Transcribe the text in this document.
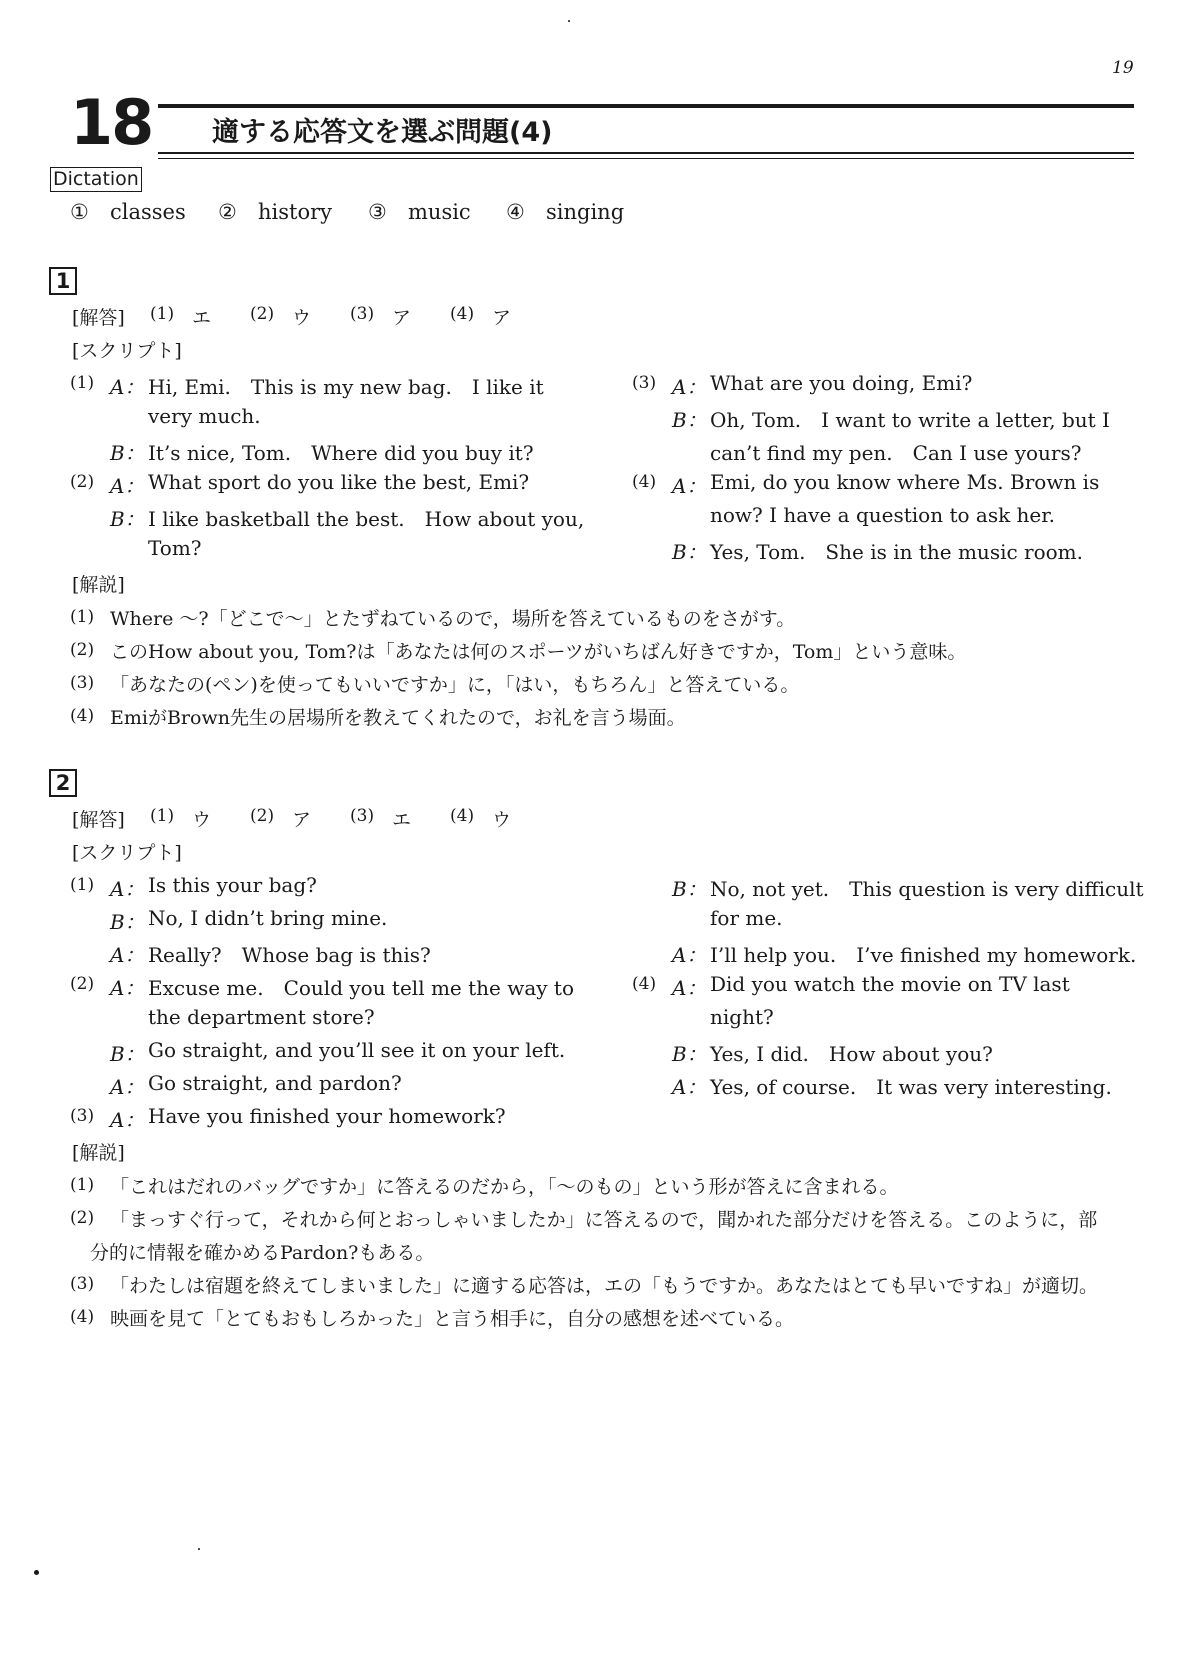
19
18 適する応答文を選ぶ問題(4)
Dictation
① classes ② history ③ music ④ singing
1
[解答] (1) エ (2) ウ (3) ア (4) ア
[スクリプト]
(1) A： Hi, Emi.　This is my new bag.　I like it
very much.
B： It’s nice, Tom.　Where did you buy it?
(2) A： What sport do you like the best, Emi?
B： I like basketball the best.　How about you,
Tom?
(3) A： What are you doing, Emi?
B： Oh, Tom.　I want to write a letter, but I
can’t find my pen.　Can I use yours?
(4) A： Emi, do you know where Ms. Brown is
now? I have a question to ask her.
B： Yes, Tom.　She is in the music room.
[解説]
(1) Where ～?「どこで～」とたずねているので，場所を答えているものをさがす。
(2) このHow about you, Tom?は「あなたは何のスポーツがいちばん好きですか，Tom」という意味。
(3) 「あなたの(ペン)を使ってもいいですか」に，「はい，もちろん」と答えている。
(4) EmiがBrown先生の居場所を教えてくれたので，お礼を言う場面。
2
[解答] (1) ウ (2) ア (3) エ (4) ウ
[スクリプト]
(1) A： Is this your bag?
B： No, I didn’t bring mine.
A： Really?　Whose bag is this?
(2) A： Excuse me.　Could you tell me the way to
the department store?
B： Go straight, and you’ll see it on your left.
A： Go straight, and pardon?
(3) A： Have you finished your homework?
B： No, not yet.　This question is very difficult
for me.
A： I’ll help you.　I’ve finished my homework.
(4) A： Did you watch the movie on TV last
night?
B： Yes, I did.　How about you?
A： Yes, of course.　It was very interesting.
[解説]
(1) 「これはだれのバッグですか」に答えるのだから，「～のもの」という形が答えに含まれる。
(2) 「まっすぐ行って，それから何とおっしゃいましたか」に答えるので，聞かれた部分だけを答える。このように，部
分的に情報を確かめるPardon?もある。
(3) 「わたしは宿題を終えてしまいました」に適する応答は，エの「もうですか。あなたはとても早いですね」が適切。
(4) 映画を見て「とてもおもしろかった」と言う相手に，自分の感想を述べている。
